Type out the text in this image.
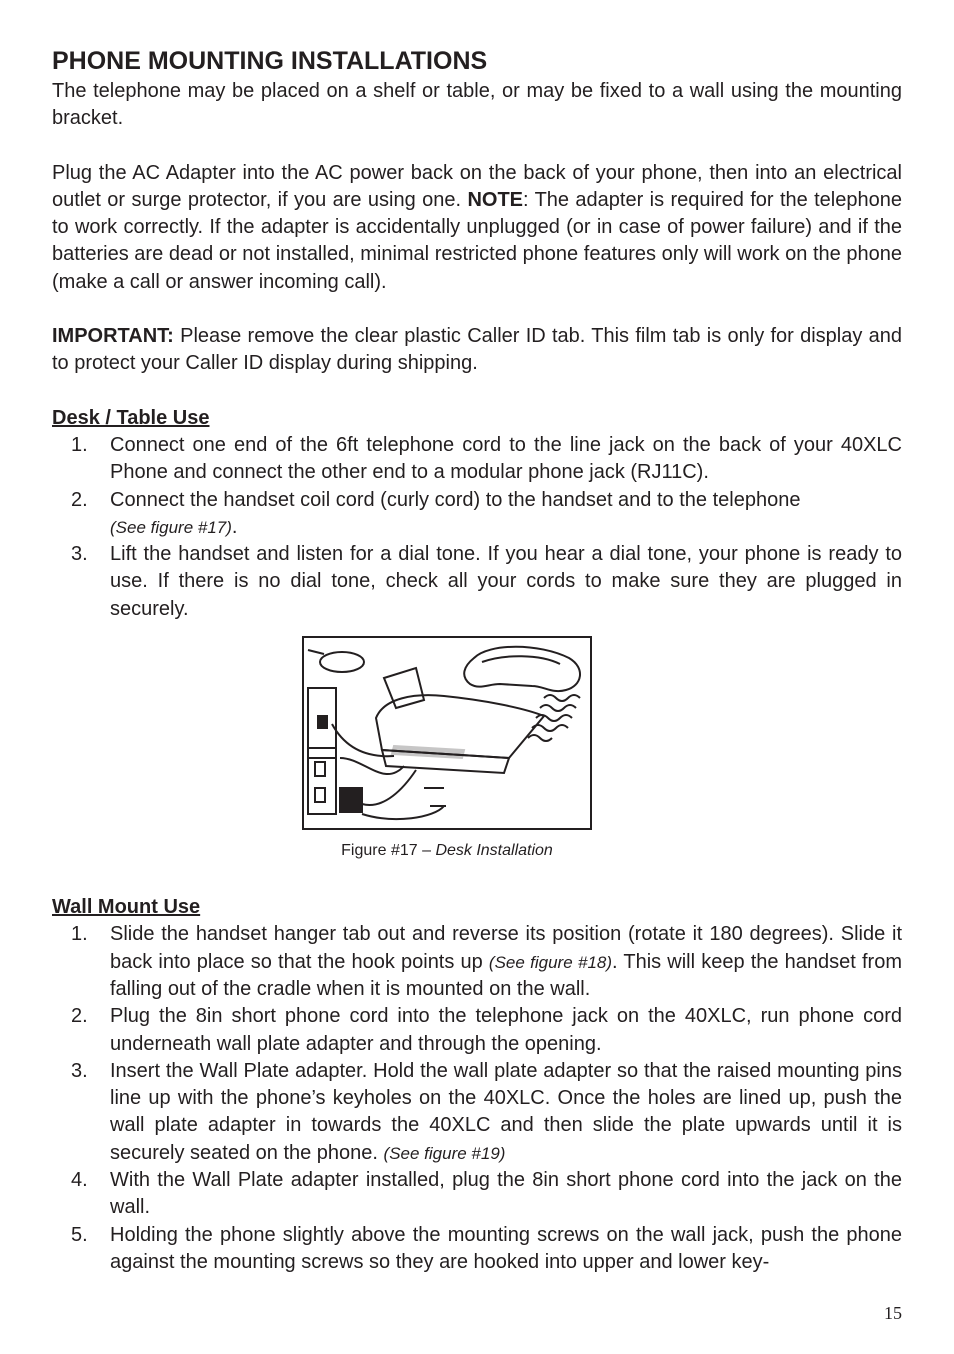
PHONE MOUNTING INSTALLATIONS

The telephone may be placed on a shelf or table, or may be fixed to a wall using the mounting bracket.

Plug the AC Adapter into the AC power back on the back of your phone, then into an electrical outlet or surge protector, if you are using one. NOTE: The adapter is required for the telephone to work correctly. If the adapter is accidentally unplugged (or in case of power failure) and if the batteries are dead or not installed, minimal restricted phone features only will work on the phone (make a call or answer incoming call).

IMPORTANT: Please remove the clear plastic Caller ID tab. This film tab is only for display and to protect your Caller ID display during shipping.

Desk / Table Use
1. Connect one end of the 6ft telephone cord to the line jack on the back of your 40XLC Phone and connect the other end to a modular phone jack (RJ11C).
2. Connect the handset coil cord (curly cord) to the handset and to the telephone
(See figure #17).
3. Lift the handset and listen for a dial tone. If you hear a dial tone, your phone is ready to use. If there is no dial tone, check all your cords to make sure they are plugged in securely.
Figure #17 – Desk Installation
Wall Mount Use
1. Slide the handset hanger tab out and reverse its position (rotate it 180 degrees). Slide it back into place so that the hook points up (See figure #18). This will keep the handset from falling out of the cradle when it is mounted on the wall.
2. Plug the 8in short phone cord into the telephone jack on the 40XLC, run phone cord underneath wall plate adapter and through the opening.
3. Insert the Wall Plate adapter. Hold the wall plate adapter so that the raised mounting pins line up with the phone’s keyholes on the 40XLC. Once the holes are lined up, push the wall plate adapter in towards the 40XLC and then slide the plate upwards until it is securely seated on the phone. (See figure #19)
4. With the Wall Plate adapter installed, plug the 8in short phone cord into the jack on the wall.
5. Holding the phone slightly above the mounting screws on the wall jack, push the phone against the mounting screws so they are hooked into upper and lower key-
15
